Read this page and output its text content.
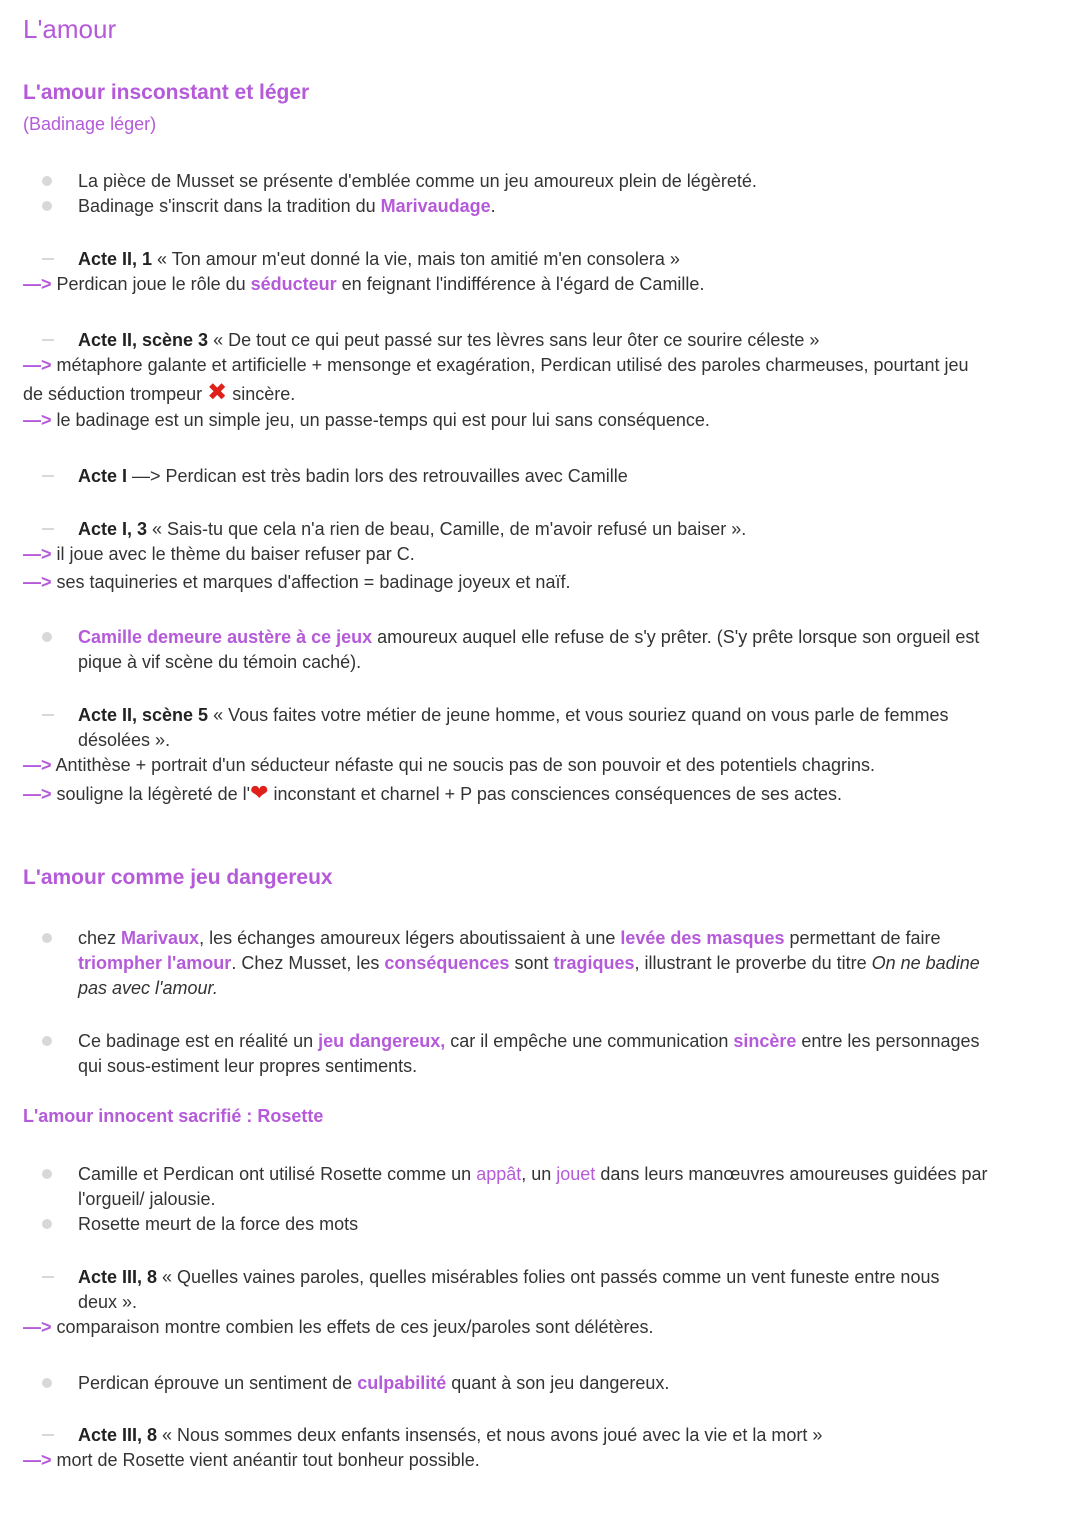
L'amour
L'amour insconstant et léger
(Badinage léger)
L'amour comme jeu dangereux
L'amour innocent sacrifié : Rosette
La pièce de Musset se présente d'emblée comme un jeu amoureux plein de légèreté.
Badinage s'inscrit dans la tradition du Marivaudage.
Acte II, 1 « Ton amour m'eut donné la vie, mais ton amitié m'en consolera »
—> Perdican joue le rôle du séducteur en feignant l'indifférence à l'égard de Camille.
Acte II, scène 3 « De tout ce qui peut passé sur tes lèvres sans leur ôter ce sourire céleste »
—> métaphore galante et artificielle + mensonge et exagération, Perdican utilisé des paroles charmeuses, pourtant jeu
de séduction trompeur ✖ sincère.
—> le badinage est un simple jeu, un passe-temps qui est pour lui sans conséquence.
Acte I —> Perdican est très badin lors des retrouvailles avec Camille
Acte I, 3 « Sais-tu que cela n'a rien de beau, Camille, de m'avoir refusé un baiser ».
—> il joue avec le thème du baiser refuser par C.
—> ses taquineries et marques d'affection = badinage joyeux et naïf.
Camille demeure austère à ce jeux amoureux auquel elle refuse de s'y prêter. (S'y prête lorsque son orgueil est
pique à vif scène du témoin caché).
Acte II, scène 5 « Vous faites votre métier de jeune homme, et vous souriez quand on vous parle de femmes
désolées ».
—> Antithèse + portrait d'un séducteur néfaste qui ne soucis pas de son pouvoir et des potentiels chagrins.
—> souligne la légèreté de l'❤ inconstant et charnel + P pas consciences conséquences de ses actes.
chez Marivaux, les échanges amoureux légers aboutissaient à une levée des masques permettant de faire
triompher l'amour. Chez Musset, les conséquences sont tragiques, illustrant le proverbe du titre On ne badine
pas avec l'amour.
Ce badinage est en réalité un jeu dangereux, car il empêche une communication sincère entre les personnages
qui sous-estiment leur propres sentiments.
Camille et Perdican ont utilisé Rosette comme un appât, un jouet dans leurs manœuvres amoureuses guidées par
l'orgueil/ jalousie.
Rosette meurt de la force des mots
Acte III, 8 « Quelles vaines paroles, quelles misérables folies ont passés comme un vent funeste entre nous
deux ».
—> comparaison montre combien les effets de ces jeux/paroles sont délétères.
Perdican éprouve un sentiment de culpabilité quant à son jeu dangereux.
Acte III, 8 « Nous sommes deux enfants insensés, et nous avons joué avec la vie et la mort »
—> mort de Rosette vient anéantir tout bonheur possible.
